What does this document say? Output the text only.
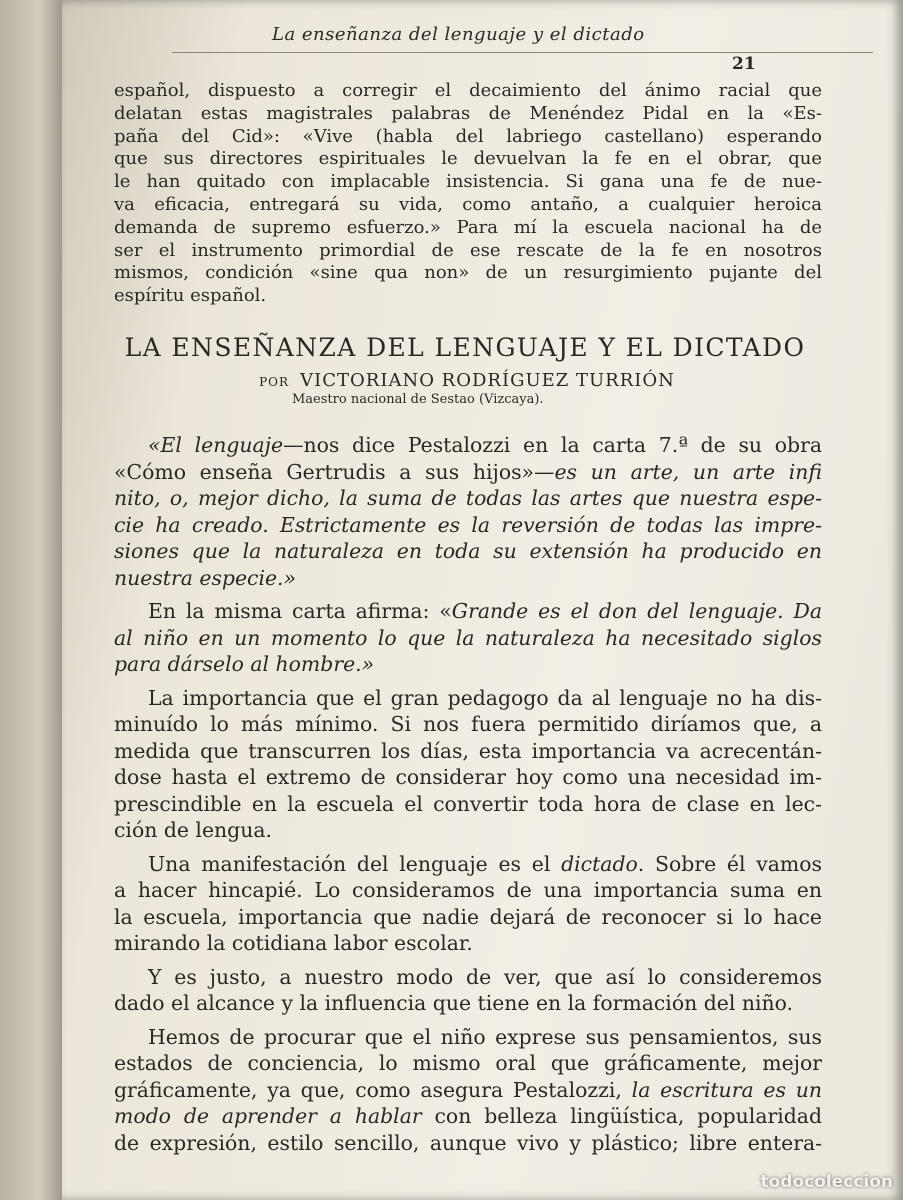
La enseñanza del lenguaje y el dictado
21
español, dispuesto a corregir el decaimiento del ánimo racial que
delatan estas magistrales palabras de Menéndez Pidal en la «Es-
paña del Cid»: «Vive (habla del labriego castellano) esperando
que sus directores espirituales le devuelvan la fe en el obrar, que
le han quitado con implacable insistencia. Si gana una fe de nue-
va eficacia, entregará su vida, como antaño, a cualquier heroica
demanda de supremo esfuerzo.» Para mí la escuela nacional ha de
ser el instrumento primordial de ese rescate de la fe en nosotros
mismos, condición «sine qua non» de un resurgimiento pujante del
espíritu español.
LA ENSEÑANZA DEL LENGUAJE Y EL DICTADO
POR VICTORIANO RODRÍGUEZ TURRIÓN
Maestro nacional de Sestao (Vizcaya).
«El lenguaje—nos dice Pestalozzi en la carta 7.ª de su obra
«Cómo enseña Gertrudis a sus hijos»—es un arte, un arte infi
nito, o, mejor dicho, la suma de todas las artes que nuestra espe-
cie ha creado. Estrictamente es la reversión de todas las impre-
siones que la naturaleza en toda su extensión ha producido en
nuestra especie.»
En la misma carta afirma: «Grande es el don del lenguaje. Da
al niño en un momento lo que la naturaleza ha necesitado siglos
para dárselo al hombre.»
La importancia que el gran pedagogo da al lenguaje no ha dis-
minuído lo más mínimo. Si nos fuera permitido diríamos que, a
medida que transcurren los días, esta importancia va acrecentán-
dose hasta el extremo de considerar hoy como una necesidad im-
prescindible en la escuela el convertir toda hora de clase en lec-
ción de lengua.
Una manifestación del lenguaje es el dictado. Sobre él vamos
a hacer hincapié. Lo consideramos de una importancia suma en
la escuela, importancia que nadie dejará de reconocer si lo hace
mirando la cotidiana labor escolar.
Y es justo, a nuestro modo de ver, que así lo consideremos
dado el alcance y la influencia que tiene en la formación del niño.
Hemos de procurar que el niño exprese sus pensamientos, sus
estados de conciencia, lo mismo oral que gráficamente, mejor
gráficamente, ya que, como asegura Pestalozzi, la escritura es un
modo de aprender a hablar con belleza lingüística, popularidad
de expresión, estilo sencillo, aunque vivo y plástico; libre entera-
todocoleccion
